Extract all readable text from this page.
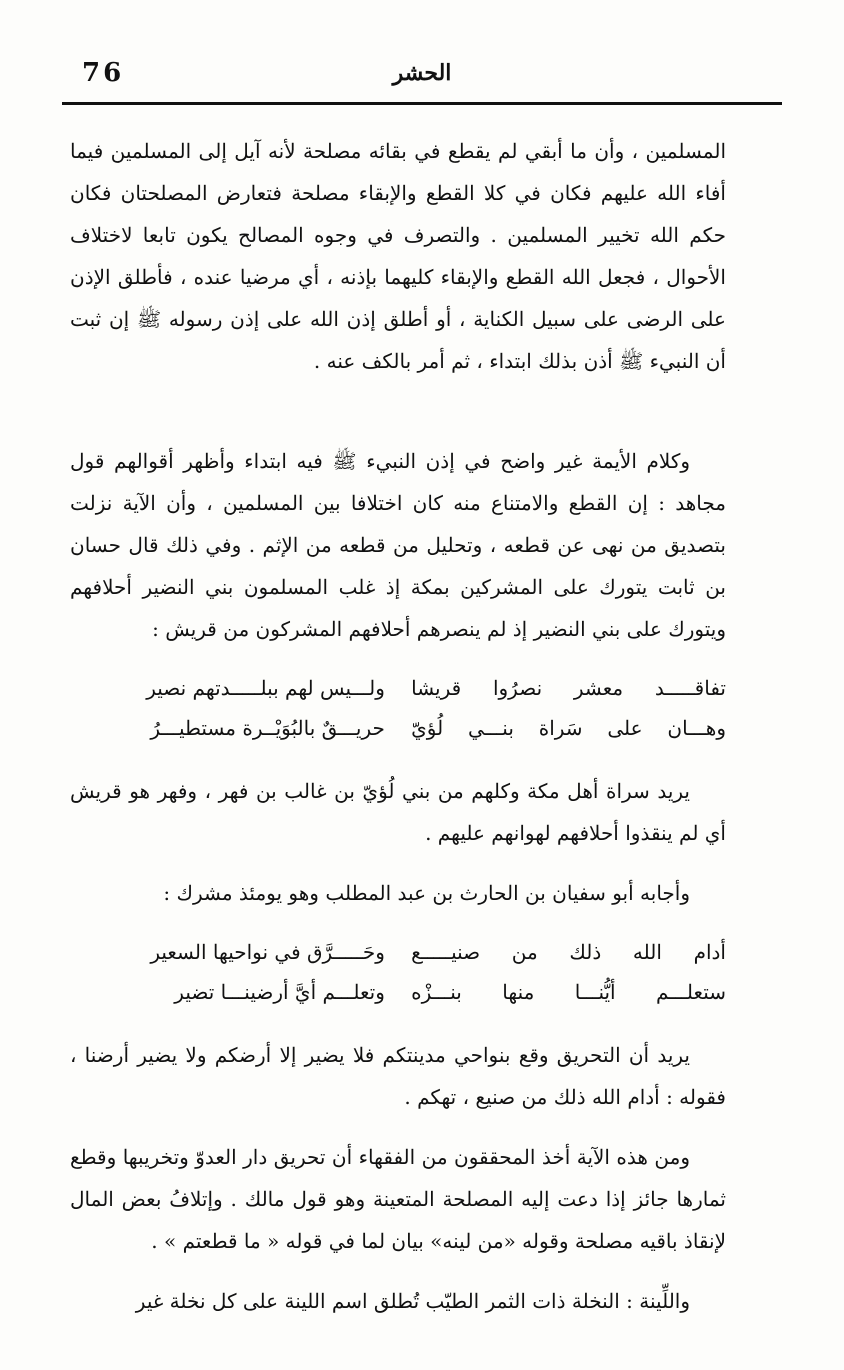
76	الحشر

المسلمين ، وأن ما أبقي لم يقطع في بقائه مصلحة لأنه آيل إلى المسلمين فيما أفاء الله عليهم فكان في كلا القطع والإبقاء مصلحة فتعارض المصلحتان فكان حكم الله تخيير المسلمين . والتصرف في وجوه المصالح يكون تابعا لاختلاف الأحوال ، فجعل الله القطع والإبقاء كليهما بإذنه ، أي مرضيا عنده ، فأطلق الإذن على الرضى على سبيل الكناية ، أو أطلق إذن الله على إذن رسوله ﷺ إن ثبت أن النبيء ﷺ أذن بذلك ابتداء ، ثم أمر بالكف عنه .

وكلام الأيمة غير واضح في إذن النبيء ﷺ فيه ابتداء وأظهر أقوالهم قول مجاهد : إن القطع والامتناع منه كان اختلافا بين المسلمين ، وأن الآية نزلت بتصديق من نهى عن قطعه ، وتحليل من قطعه من الإثم . وفي ذلك قال حسان بن ثابت يتورك على المشركين بمكة إذ غلب المسلمون بني النضير أحلافهم ويتورك على بني النضير إذ لم ينصرهم أحلافهم المشركون من قريش :

تفاقـــــد معشر نصرُوا قريشا
ولـــيس لهم ببلـــــدتهم نصير
وهـــان على سَراة بنـــي لُؤيّ
حريـــقٌ بالبُوَيْــرة مستطيـــرُ

يريد سراة أهل مكة وكلهم من بني لُؤيّ بن غالب بن فهر ، وفهر هو قريش أي لم ينقذوا أحلافهم لهوانهم عليهم .

وأجابه أبو سفيان بن الحارث بن عبد المطلب وهو يومئذ مشرك :

أدام الله ذلك من صنيـــــع
وحَـــــرَّق في نواحيها السعير
ستعلـــم أيُّنـــا منها بنـــزْه
وتعلـــم أيَّ أرضينـــا تضير

يريد أن التحريق وقع بنواحي مدينتكم فلا يضير إلا أرضكم ولا يضير أرضنا ، فقوله : أدام الله ذلك من صنيع ، تهكم .

ومن هذه الآية أخذ المحققون من الفقهاء أن تحريق دار العدوّ وتخريبها وقطع ثمارها جائز إذا دعت إليه المصلحة المتعينة وهو قول مالك . وإتلافُ بعض المال لإنقاذ باقيه مصلحة وقوله «من لينه» بيان لما في قوله « ما قطعتم » .

واللِّينة : النخلة ذات الثمر الطيّب تُطلق اسم اللينة على كل نخلة غير
